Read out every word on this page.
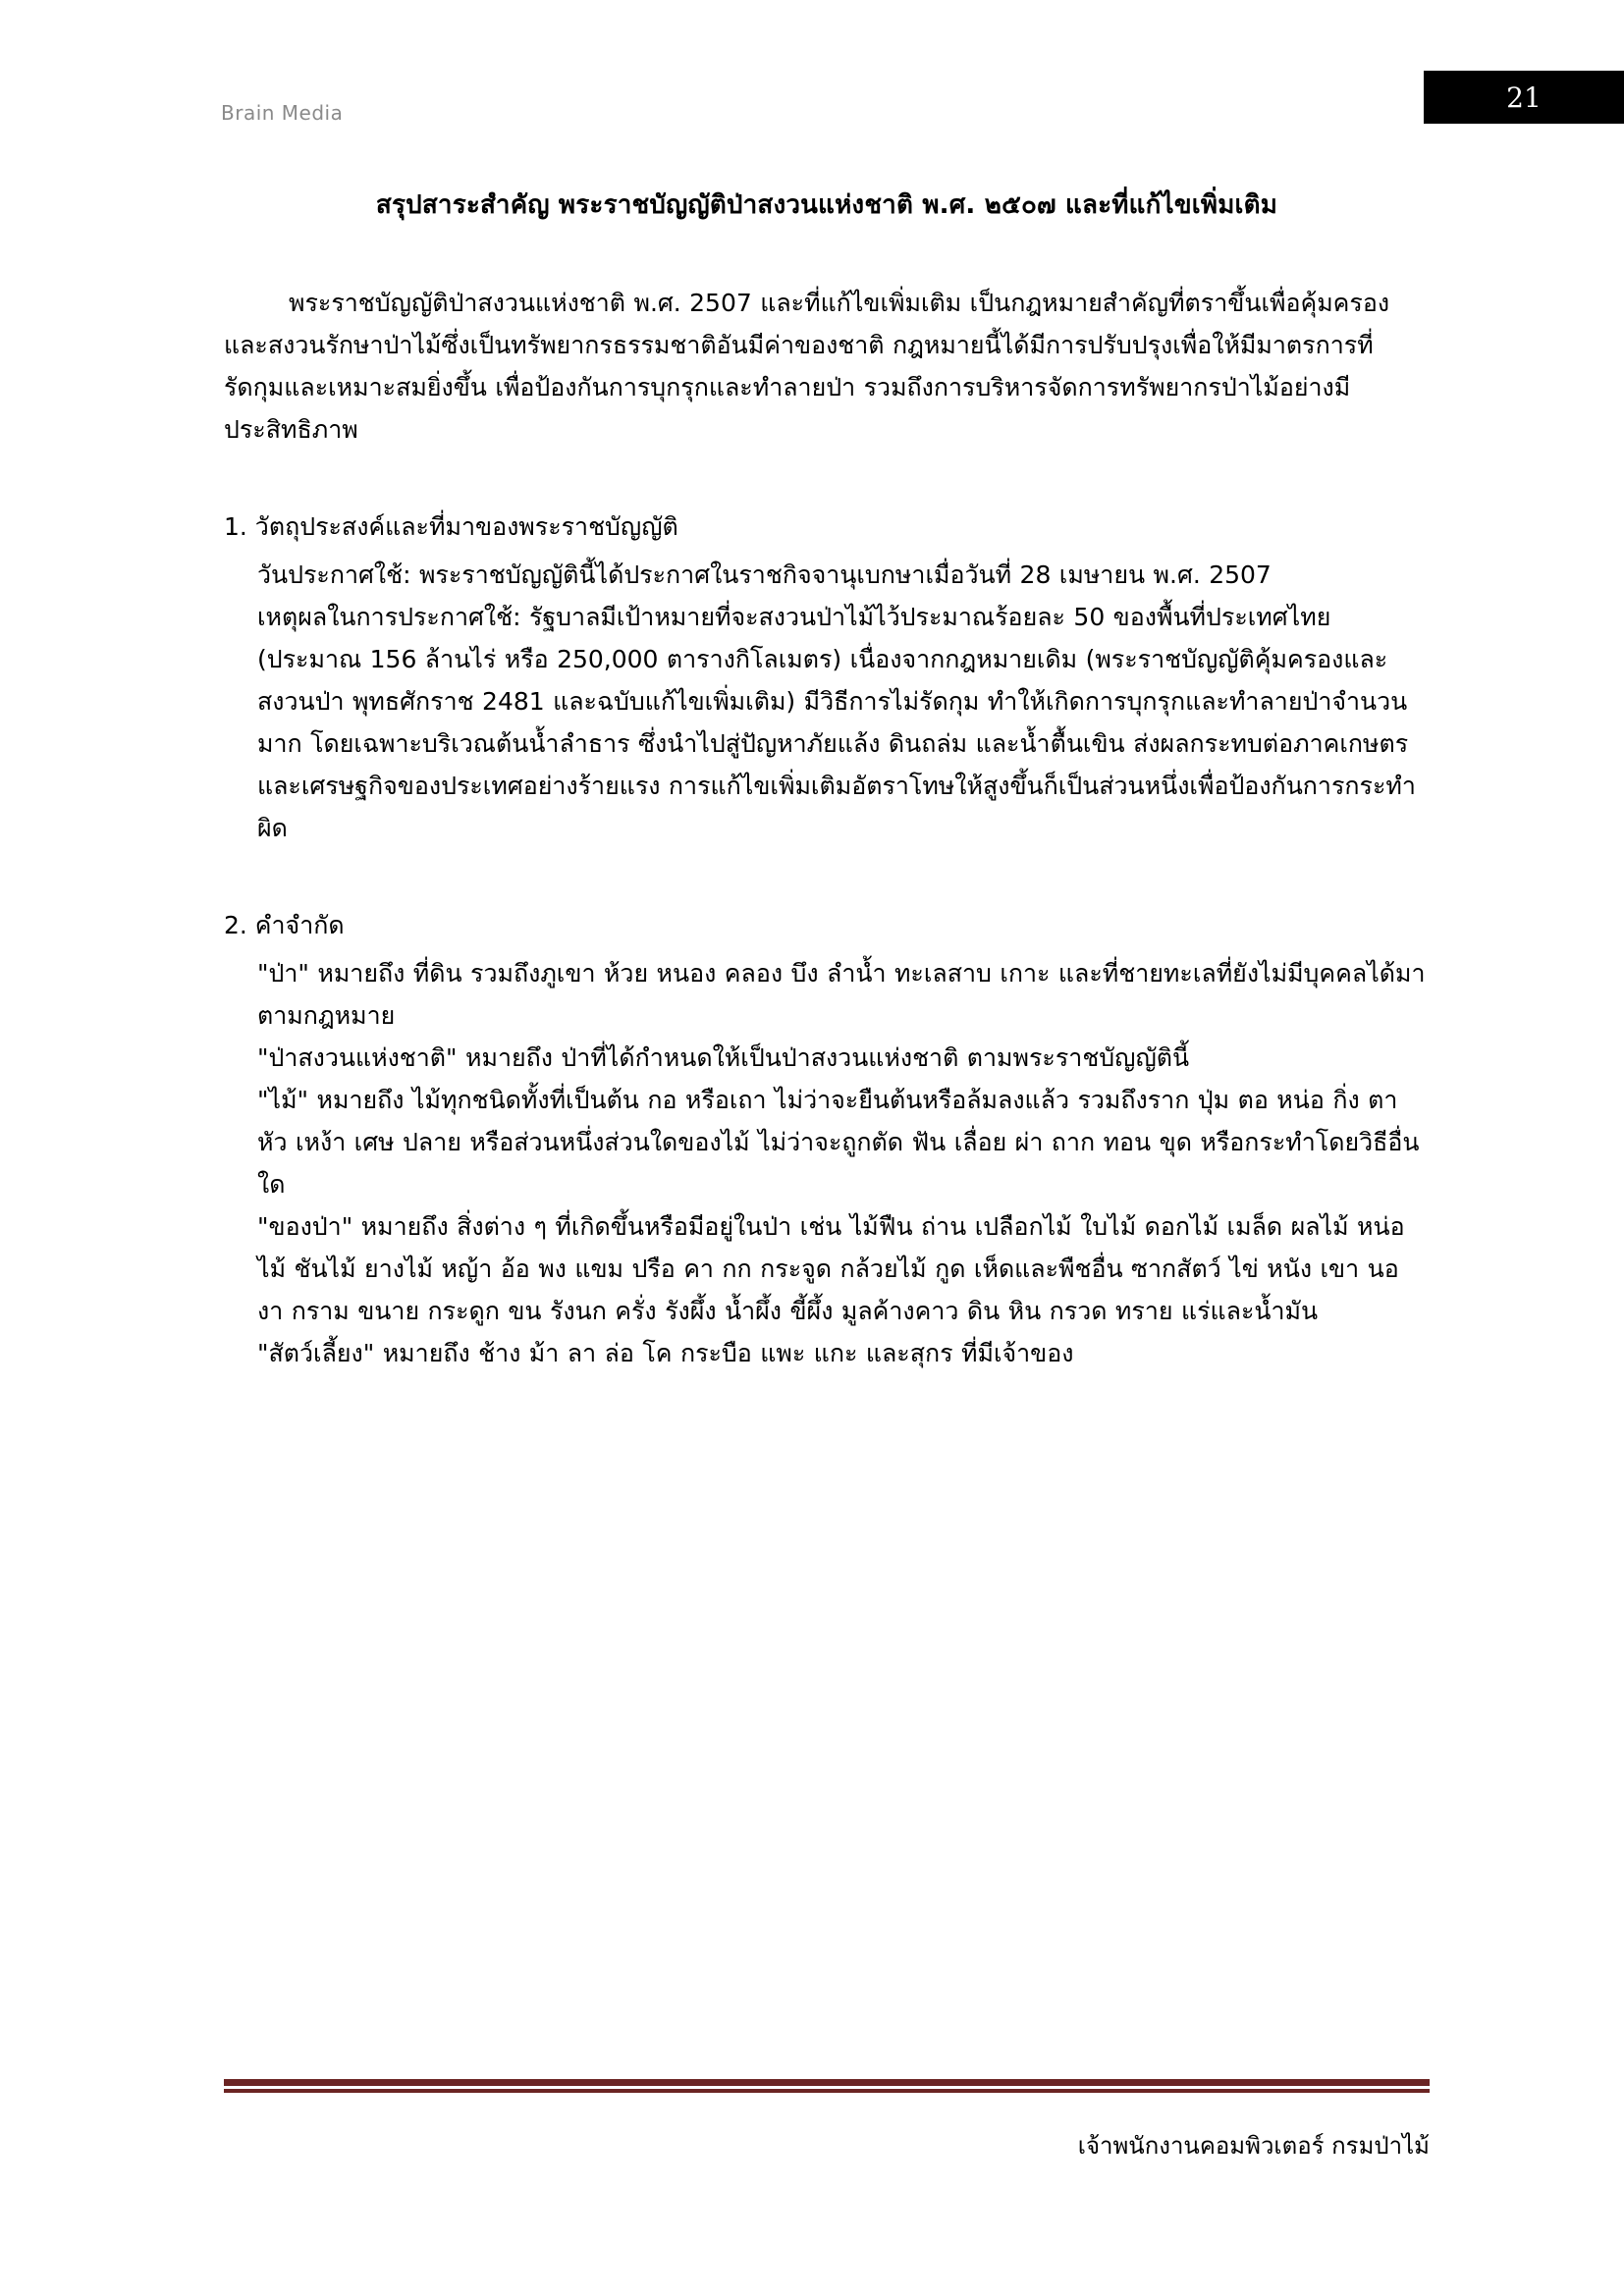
Brain Media	21
สรุปสาระสำคัญ พระราชบัญญัติป่าสงวนแห่งชาติ พ.ศ. ๒๕๐๗ และที่แก้ไขเพิ่มเติม

พระราชบัญญัติป่าสงวนแห่งชาติ พ.ศ. 2507 และที่แก้ไขเพิ่มเติม เป็นกฎหมายสำคัญที่ตราขึ้นเพื่อคุ้มครองและสงวนรักษาป่าไม้ซึ่งเป็นทรัพยากรธรรมชาติอันมีค่าของชาติ กฎหมายนี้ได้มีการปรับปรุงเพื่อให้มีมาตรการที่รัดกุมและเหมาะสมยิ่งขึ้น เพื่อป้องกันการบุกรุกและทำลายป่า รวมถึงการบริหารจัดการทรัพยากรป่าไม้อย่างมีประสิทธิภาพ

1. วัตถุประสงค์และที่มาของพระราชบัญญัติ

วันประกาศใช้: พระราชบัญญัตินี้ได้ประกาศในราชกิจจานุเบกษาเมื่อวันที่ 28 เมษายน พ.ศ. 2507

เหตุผลในการประกาศใช้: รัฐบาลมีเป้าหมายที่จะสงวนป่าไม้ไว้ประมาณร้อยละ 50 ของพื้นที่ประเทศไทย (ประมาณ 156 ล้านไร่ หรือ 250,000 ตารางกิโลเมตร) เนื่องจากกฎหมายเดิม (พระราชบัญญัติคุ้มครองและสงวนป่า พุทธศักราช 2481 และฉบับแก้ไขเพิ่มเติม) มีวิธีการไม่รัดกุม ทำให้เกิดการบุกรุกและทำลายป่าจำนวนมาก โดยเฉพาะบริเวณต้นน้ำลำธาร ซึ่งนำไปสู่ปัญหาภัยแล้ง ดินถล่ม และน้ำตื้นเขิน ส่งผลกระทบต่อภาคเกษตรและเศรษฐกิจของประเทศอย่างร้ายแรง การแก้ไขเพิ่มเติมอัตราโทษให้สูงขึ้นก็เป็นส่วนหนึ่งเพื่อป้องกันการกระทำผิด

2. คำจำกัด

"ป่า" หมายถึง ที่ดิน รวมถึงภูเขา ห้วย หนอง คลอง บึง ลำน้ำ ทะเลสาบ เกาะ และที่ชายทะเลที่ยังไม่มีบุคคลได้มาตามกฎหมาย

"ป่าสงวนแห่งชาติ" หมายถึง ป่าที่ได้กำหนดให้เป็นป่าสงวนแห่งชาติ ตามพระราชบัญญัตินี้

"ไม้" หมายถึง ไม้ทุกชนิดทั้งที่เป็นต้น กอ หรือเถา ไม่ว่าจะยืนต้นหรือล้มลงแล้ว รวมถึงราก ปุ่ม ตอ หน่อ กิ่ง ตา หัว เหง้า เศษ ปลาย หรือส่วนหนึ่งส่วนใดของไม้ ไม่ว่าจะถูกตัด ฟัน เลื่อย ผ่า ถาก ทอน ขุด หรือกระทำโดยวิธีอื่นใด

"ของป่า" หมายถึง สิ่งต่าง ๆ ที่เกิดขึ้นหรือมีอยู่ในป่า เช่น ไม้ฟืน ถ่าน เปลือกไม้ ใบไม้ ดอกไม้ เมล็ด ผลไม้ หน่อไม้ ชันไม้ ยางไม้ หญ้า อ้อ พง แขม ปรือ คา กก กระจูด กล้วยไม้ กูด เห็ดและพืชอื่น ซากสัตว์ ไข่ หนัง เขา นอ งา กราม ขนาย กระดูก ขน รังนก ครั่ง รังผึ้ง น้ำผึ้ง ขี้ผึ้ง มูลค้างคาว ดิน หิน กรวด ทราย แร่และน้ำมัน

"สัตว์เลี้ยง" หมายถึง ช้าง ม้า ลา ล่อ โค กระบือ แพะ แกะ และสุกร ที่มีเจ้าของ

เจ้าพนักงานคอมพิวเตอร์ กรมป่าไม้
